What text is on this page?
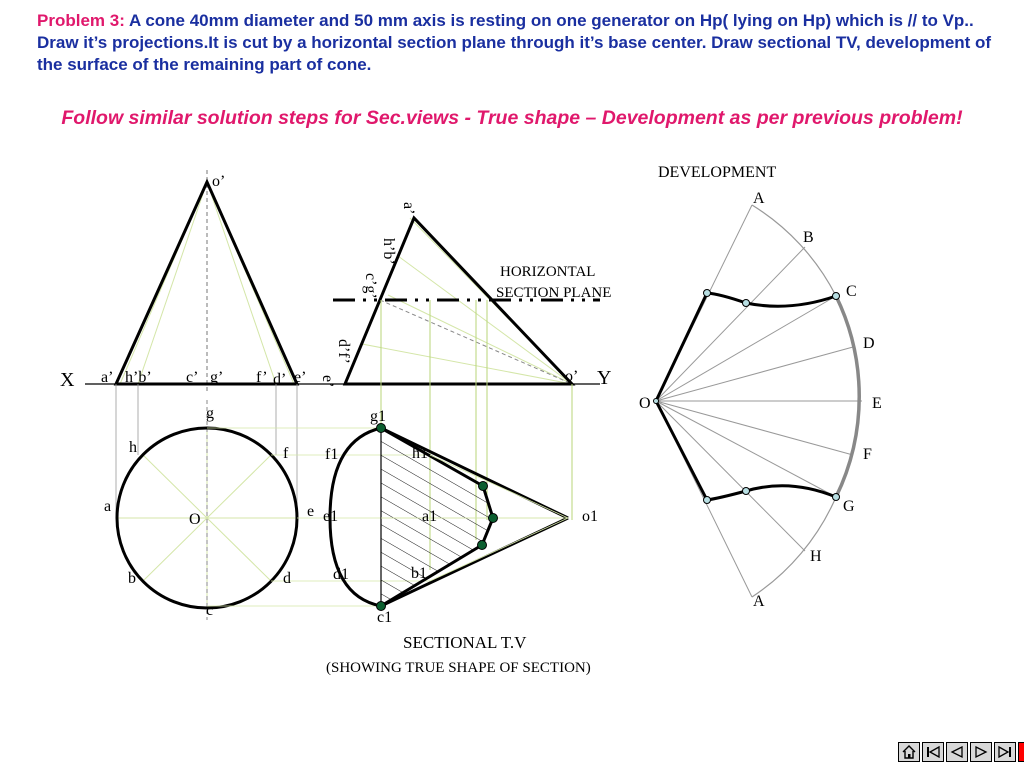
Problem 3: A cone 40mm diameter and 50 mm axis is resting on one generator on Hp( lying on Hp) which is // to Vp.. Draw it’s projections.It is cut by a horizontal section plane through it’s base center. Draw sectional TV, development of the surface of the remaining part of cone.

Follow similar solution steps for Sec.views - True shape – Development as per previous problem!

o’
X a’ h’b’ c’ g’ f’ d’ e’
g
h	f
a	e
b	d
c
O
a’
h’b’
c’g’
d’f’
e’	o’ Y
HORIZONTAL
SECTION PLANE
g1
h1
f1
a1
e1
d1	b1
c1
o1
SECTIONAL T.V
(SHOWING TRUE SHAPE OF SECTION)
DEVELOPMENT
A
B
C
D
E
F
G
H
A
O
